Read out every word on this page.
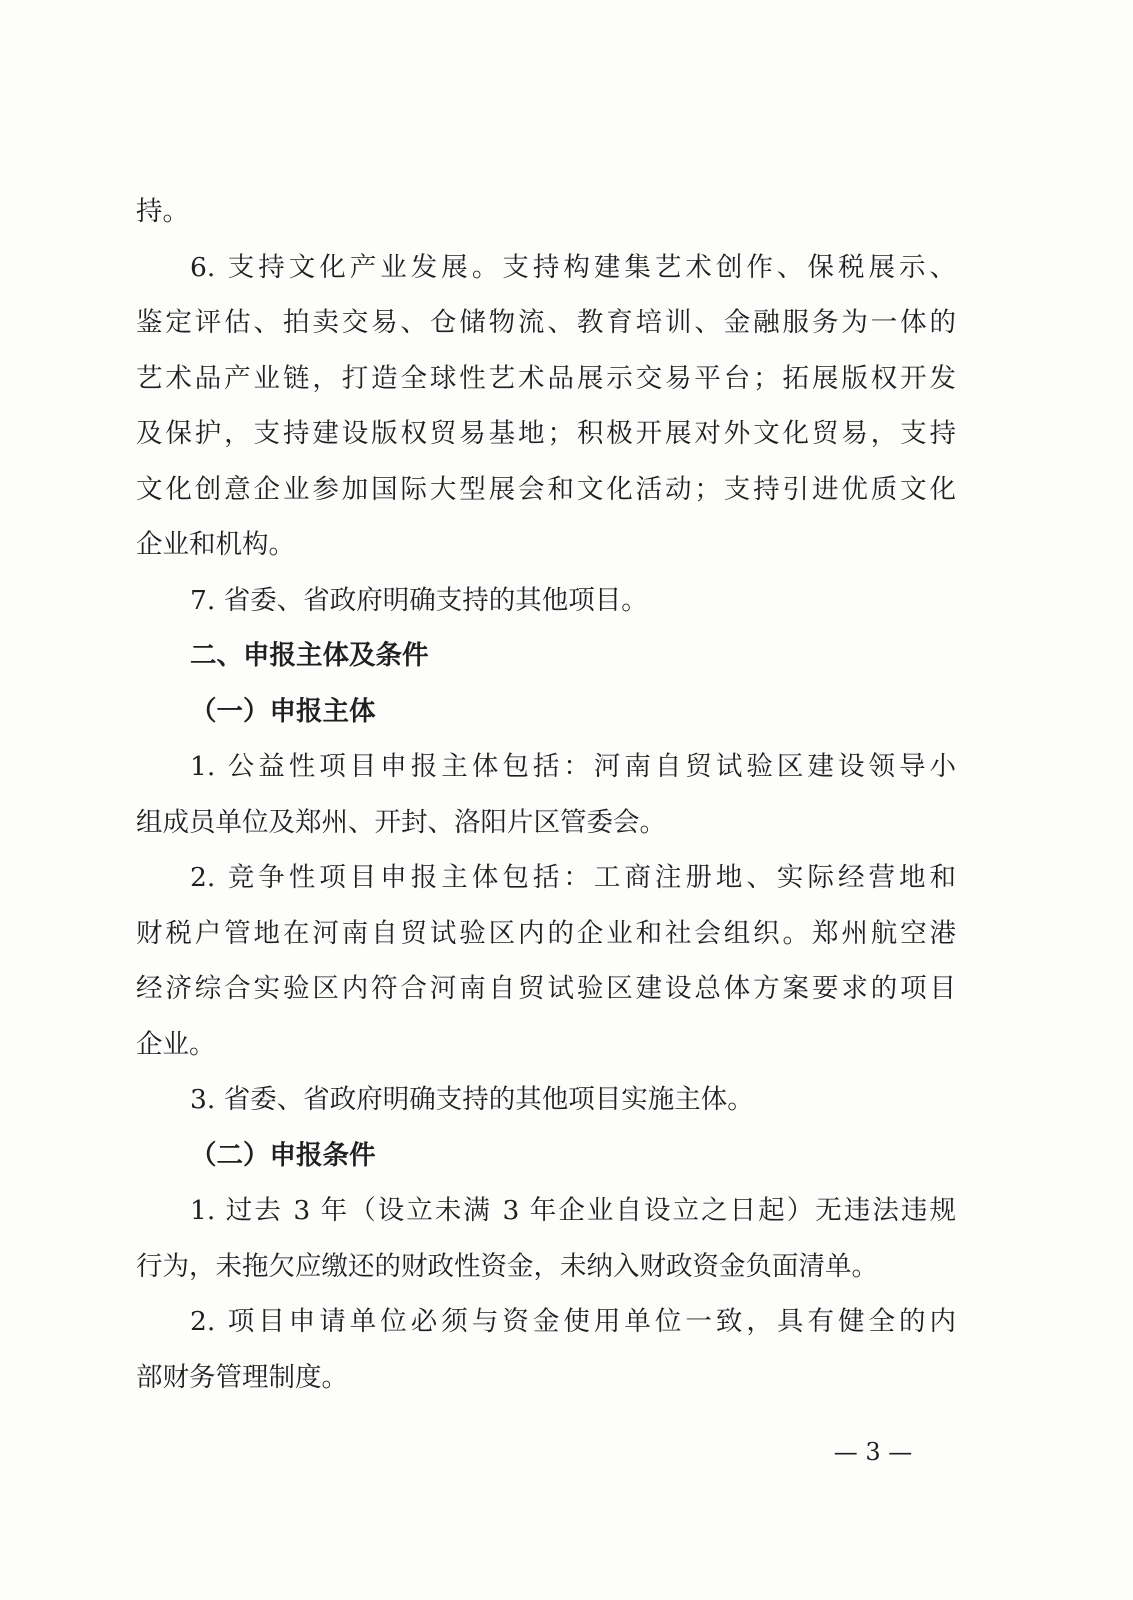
持。
6. 支持文化产业发展。支持构建集艺术创作、保税展示、
鉴定评估、拍卖交易、仓储物流、教育培训、金融服务为一体的
艺术品产业链，打造全球性艺术品展示交易平台；拓展版权开发
及保护，支持建设版权贸易基地；积极开展对外文化贸易，支持
文化创意企业参加国际大型展会和文化活动；支持引进优质文化
企业和机构。
7. 省委、省政府明确支持的其他项目。
二、申报主体及条件
（一）申报主体
1. 公益性项目申报主体包括：河南自贸试验区建设领导小
组成员单位及郑州、开封、洛阳片区管委会。
2. 竞争性项目申报主体包括：工商注册地、实际经营地和
财税户管地在河南自贸试验区内的企业和社会组织。郑州航空港
经济综合实验区内符合河南自贸试验区建设总体方案要求的项目
企业。
3. 省委、省政府明确支持的其他项目实施主体。
（二）申报条件
1. 过去 3 年（设立未满 3 年企业自设立之日起）无违法违规
行为，未拖欠应缴还的财政性资金，未纳入财政资金负面清单。
2. 项目申请单位必须与资金使用单位一致，具有健全的内
部财务管理制度。
— 3 —
